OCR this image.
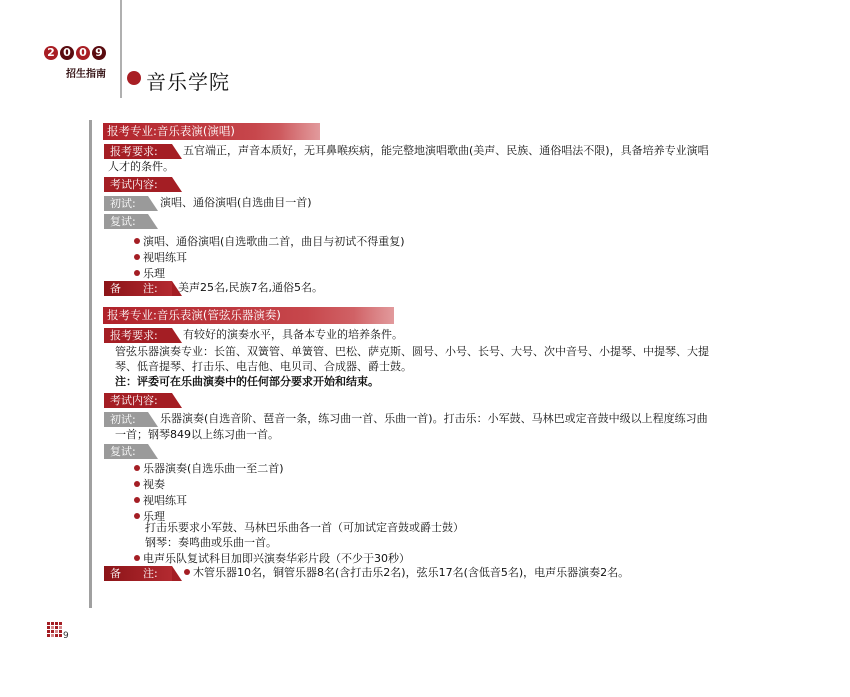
2 0 0 9
招生指南 音乐学院
报考专业:音乐表演(演唱)
报考要求:	五官端正，声音本质好，无耳鼻喉疾病，能完整地演唱歌曲(美声、民族、通俗唱法不限)，具备培养专业演唱
人才的条件。
考试内容:
初试:	演唱、通俗演唱(自选曲目一首)
复试:
演唱、通俗演唱(自选歌曲二首，曲目与初试不得重复)
视唱练耳
乐理
备　　注:	美声25名,民族7名,通俗5名。
报考专业:音乐表演(管弦乐器演奏)
报考要求:	有较好的演奏水平，具备本专业的培养条件。
管弦乐器演奏专业：长笛、双簧管、单簧管、巴松、萨克斯、圆号、小号、长号、大号、次中音号、小提琴、中提琴、大提
琴、低音提琴、打击乐、电吉他、电贝司、合成器、爵士鼓。
注：评委可在乐曲演奏中的任何部分要求开始和结束。
考试内容:
初试:	乐器演奏(自选音阶、琶音一条，练习曲一首、乐曲一首)。打击乐：小军鼓、马林巴或定音鼓中级以上程度练习曲
一首；钢琴849以上练习曲一首。
复试:
乐器演奏(自选乐曲一至二首)
视奏
视唱练耳
乐理
打击乐要求小军鼓、马林巴乐曲各一首（可加试定音鼓或爵士鼓）
钢琴：奏鸣曲或乐曲一首。
电声乐队复试科目加即兴演奏华彩片段（不少于30秒）
备　　注:	木管乐器10名，铜管乐器8名(含打击乐2名)，弦乐17名(含低音5名)，电声乐器演奏2名。
9
